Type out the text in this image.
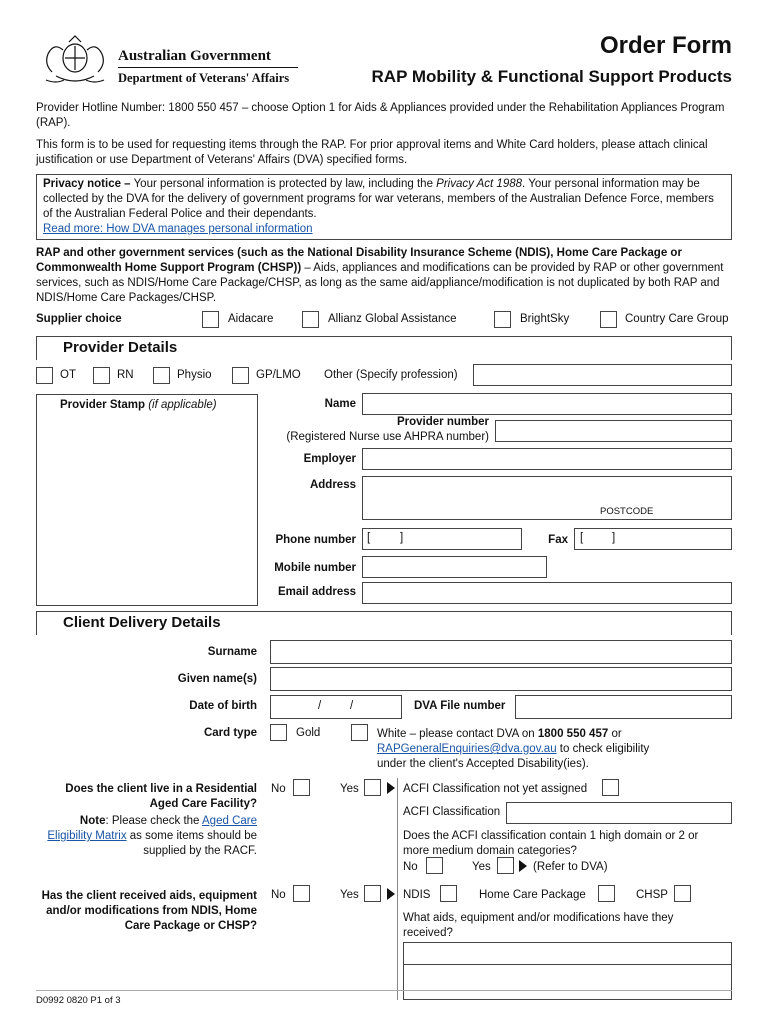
Australian Government
Department of Veterans' Affairs
Order Form
RAP Mobility & Functional Support Products
Provider Hotline Number: 1800 550 457 – choose Option 1 for Aids & Appliances provided under the Rehabilitation Appliances Program (RAP).
This form is to be used for requesting items through the RAP. For prior approval items and White Card holders, please attach clinical justification or use Department of Veterans' Affairs (DVA) specified forms.
Privacy notice – Your personal information is protected by law, including the Privacy Act 1988. Your personal information may be collected by the DVA for the delivery of government programs for war veterans, members of the Australian Defence Force, members of the Australian Federal Police and their dependants.
Read more: How DVA manages personal information
RAP and other government services (such as the National Disability Insurance Scheme (NDIS), Home Care Package or Commonwealth Home Support Program (CHSP)) – Aids, appliances and modifications can be provided by RAP or other government services, such as NDIS/Home Care Package/CHSP, as long as the same aid/appliance/modification is not duplicated by both RAP and NDIS/Home Care Packages/CHSP.
Supplier choice	Aidacare	Allianz Global Assistance	BrightSky	Country Care Group
Provider Details
OT	RN	Physio	GP/LMO Other (Specify profession)
Provider Stamp (if applicable)	Name
Provider number
(Registered Nurse use AHPRA number)
Employer
Address
POSTCODE
Phone number [	]	Fax [	]
Mobile number
Email address
Client Delivery Details
Surname
Given name(s)
Date of birth	/	/	DVA File number
Card type	Gold	White – please contact DVA on 1800 550 457 or
RAPGeneralEnquiries@dva.gov.au to check eligibility
under the client's Accepted Disability(ies).
Does the client live in a Residential Aged Care Facility?
Note: Please check the Aged Care Eligibility Matrix as some items should be supplied by the RACF.
No	Yes	ACFI Classification not yet assigned
ACFI Classification
Does the ACFI classification contain 1 high domain or 2 or more medium domain categories?
No	Yes	(Refer to DVA)
Has the client received aids, equipment and/or modifications from NDIS, Home Care Package or CHSP?
No	Yes	NDIS	Home Care Package	CHSP
What aids, equipment and/or modifications have they received?
D0992 0820 P1 of 3
